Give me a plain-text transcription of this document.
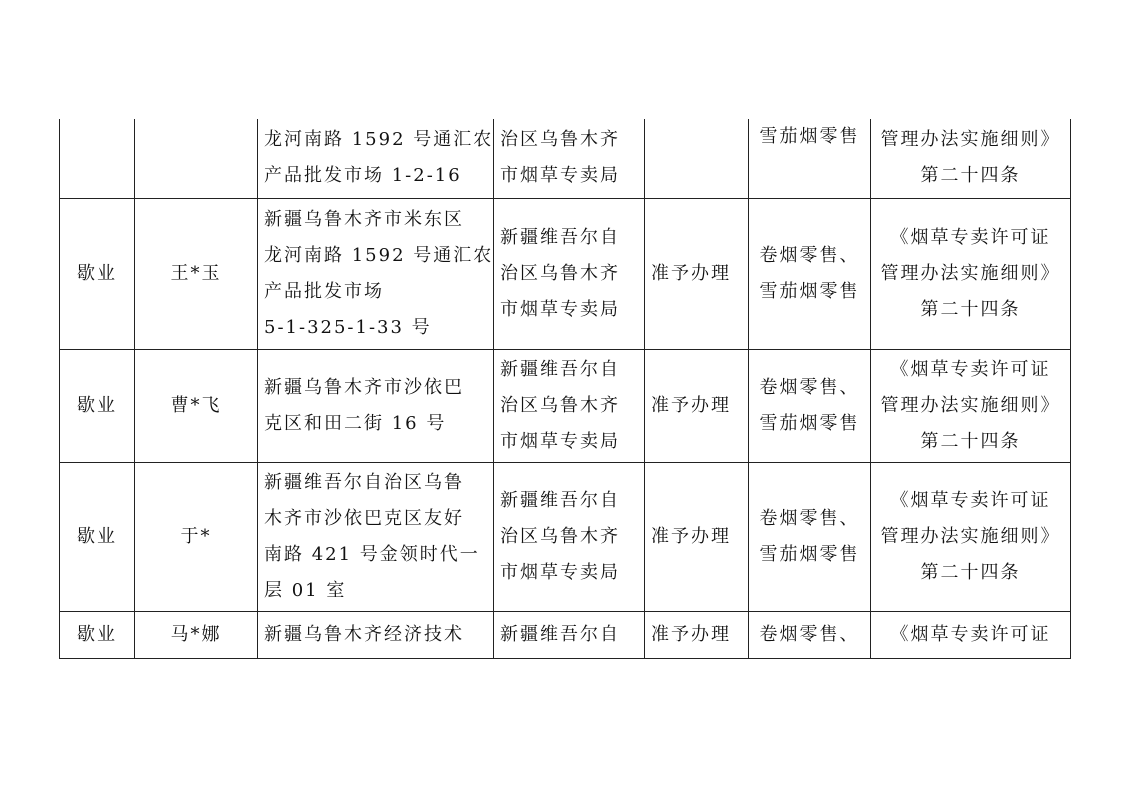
		龙河南路 1592 号通汇农
产品批发市场 1-2-16	治区乌鲁木齐
市烟草专卖局		雪茄烟零售	管理办法实施细则》
第二十四条

歇业	王*玉	新疆乌鲁木齐市米东区
龙河南路 1592 号通汇农
产品批发市场
5-1-325-1-33 号	新疆维吾尔自
治区乌鲁木齐
市烟草专卖局	准予办理	卷烟零售、
雪茄烟零售	《烟草专卖许可证
管理办法实施细则》
第二十四条

歇业	曹*飞	新疆乌鲁木齐市沙依巴
克区和田二街 16 号	新疆维吾尔自
治区乌鲁木齐
市烟草专卖局	准予办理	卷烟零售、
雪茄烟零售	《烟草专卖许可证
管理办法实施细则》
第二十四条

歇业	于*	新疆维吾尔自治区乌鲁
木齐市沙依巴克区友好
南路 421 号金领时代一
层 01 室	新疆维吾尔自
治区乌鲁木齐
市烟草专卖局	准予办理	卷烟零售、
雪茄烟零售	《烟草专卖许可证
管理办法实施细则》
第二十四条

歇业	马*娜	新疆乌鲁木齐经济技术	新疆维吾尔自	准予办理	卷烟零售、	《烟草专卖许可证
